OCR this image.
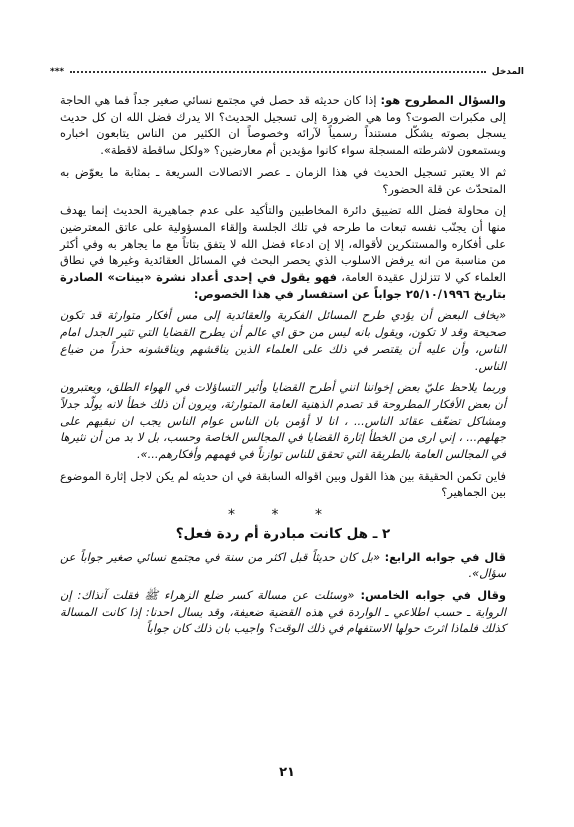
المدخل
***

والسؤال المطروح هو: إذا كان حديثه قد حصل في مجتمع نسائي صغير جداً فما هي الحاجة إلى مكبرات الصوت؟ وما هي الضرورة إلى تسجيل الحديث؟ الا يدرك فضل الله ان كل حديث يسجل بصوته يشكّل مستنداً رسمياً لآرائه وخصوصاً ان الكثير من الناس يتابعون اخباره ويستمعون لاشرطته المسجلة سواء كانوا مؤيدين أم معارضين؟ «ولكل ساقطة لاقطة».

ثم الا يعتبر تسجيل الحديث في هذا الزمان ـ عصر الاتصالات السريعة ـ بمثابة ما يعوّض به المتحدّث عن قلة الحضور؟

إن محاولة فضل الله تضييق دائرة المخاطبين والتأكيد على عدم جماهيرية الحديث إنما يهدف منها أن يجنّب نفسه تبعات ما طرحه في تلك الجلسة وإلقاء المسؤولية على عاتق المعترضين على أفكاره والمستنكرين لأقواله، إلا إن ادعاء فضل الله لا يتفق بتاتاً مع ما يجاهر به وفي أكثر من مناسبة من انه يرفض الاسلوب الذي يحصر البحث في المسائل العقائدية وغيرها في نطاق العلماء كي لا تتزلزل عقيدة العامة، فهو يقول في إحدى أعداد نشرة «بينات» الصادرة بتاريخ ٢٥/١٠/١٩٩٦ جواباً عن استفسار في هذا الخصوص:

«يخاف البعض أن يؤدي طرح المسائل الفكرية والعقائدية إلى مس أفكار متوارثة قد تكون صحيحة وقد لا تكون، ويقول بانه ليس من حق اي عالم أن يطرح القضايا التي تثير الجدل امام الناس، وأن عليه أن يقتصر في ذلك على العلماء الذين يناقشهم ويناقشونه حذراً من ضياع الناس.

وربما يلاحظ عليّ بعض إخواننا انني أطرح القضايا وأثير التساؤلات في الهواء الطلق، ويعتبرون أن بعض الأفكار المطروحة قد تصدم الذهنية العامة المتوارثة، ويرون أن ذلك خطأ لانه يولّد جدلاً ومشاكل تضعّف عقائد الناس... ، انا لا أؤمن بان الناس عوام الناس يجب ان نبقيهم على جهلهم... ، إني ارى من الخطأ إثارة القضايا في المجالس الخاصة وحسب، بل لا بد من أن نثيرها في المجالس العامة بالطريقة التي تحقق للناس توازناً في فهمهم وأفكارهم...».

فاين تكمن الحقيقة بين هذا القول وبين اقواله السابقة في ان حديثه لم يكن لاجل إثارة الموضوع بين الجماهير؟

* * *
٢ ـ هل كانت مبادرة أم ردة فعل؟

قال في جوابه الرابع: «بل كان حديثاً قبل اكثر من سنة في مجتمع نسائي صغير جواباً عن سؤال».

وقال في جوابه الخامس: «وسئلت عن مسالة كسر ضلع الزهراء ﷺ فقلت آنذاك: إن الرواية ـ حسب اطلاعي ـ الواردة في هذه القضية ضعيفة، وقد يسال احدنا: إذا كانت المسالة كذلك فلماذا اثرتَ حولها الاستفهام في ذلك الوقت؟ واجيب بان ذلك كان جواباً

٢١
